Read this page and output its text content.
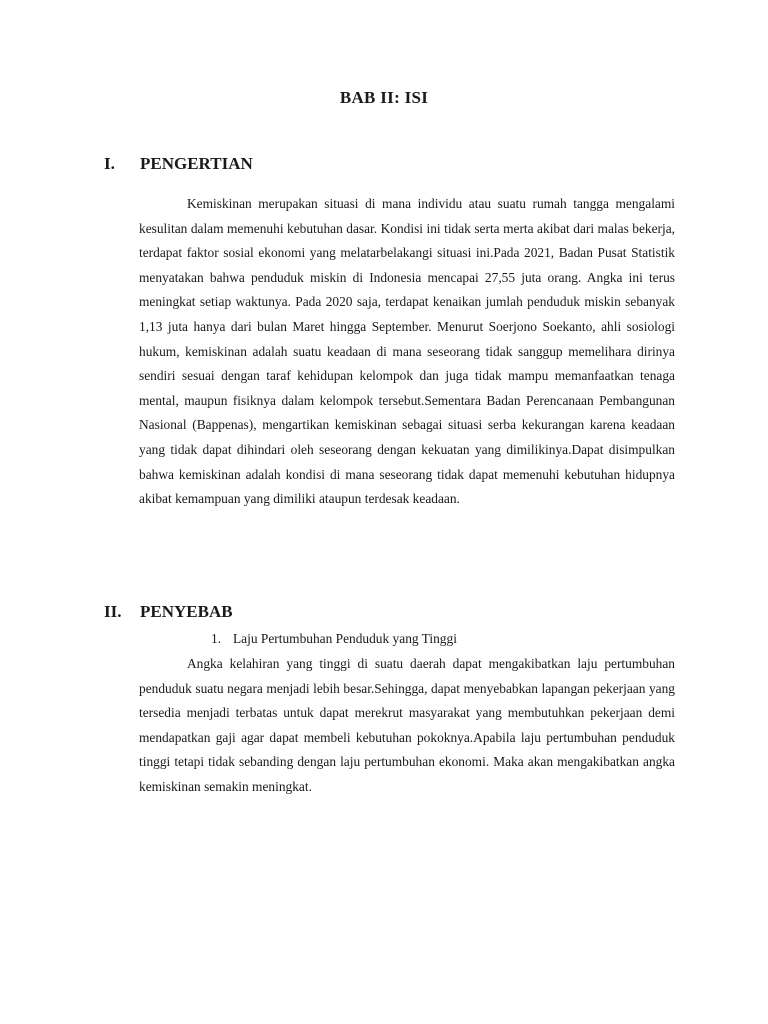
BAB II: ISI
I. PENGERTIAN

Kemiskinan merupakan situasi di mana individu atau suatu rumah tangga mengalami kesulitan dalam memenuhi kebutuhan dasar. Kondisi ini tidak serta merta akibat dari malas bekerja, terdapat faktor sosial ekonomi yang melatarbelakangi situasi ini.Pada 2021, Badan Pusat Statistik menyatakan bahwa penduduk miskin di Indonesia mencapai 27,55 juta orang. Angka ini terus meningkat setiap waktunya. Pada 2020 saja, terdapat kenaikan jumlah penduduk miskin sebanyak 1,13 juta hanya dari bulan Maret hingga September. Menurut Soerjono Soekanto, ahli sosiologi hukum, kemiskinan adalah suatu keadaan di mana seseorang tidak sanggup memelihara dirinya sendiri sesuai dengan taraf kehidupan kelompok dan juga tidak mampu memanfaatkan tenaga mental, maupun fisiknya dalam kelompok tersebut.Sementara Badan Perencanaan Pembangunan Nasional (Bappenas), mengartikan kemiskinan sebagai situasi serba kekurangan karena keadaan yang tidak dapat dihindari oleh seseorang dengan kekuatan yang dimilikinya.Dapat disimpulkan bahwa kemiskinan adalah kondisi di mana seseorang tidak dapat memenuhi kebutuhan hidupnya akibat kemampuan yang dimiliki ataupun terdesak keadaan.

II. PENYEBAB

1. Laju Pertumbuhan Penduduk yang Tinggi

Angka kelahiran yang tinggi di suatu daerah dapat mengakibatkan laju pertumbuhan penduduk suatu negara menjadi lebih besar.Sehingga, dapat menyebabkan lapangan pekerjaan yang tersedia menjadi terbatas untuk dapat merekrut masyarakat yang membutuhkan pekerjaan demi mendapatkan gaji agar dapat membeli kebutuhan pokoknya.Apabila laju pertumbuhan penduduk tinggi tetapi tidak sebanding dengan laju pertumbuhan ekonomi. Maka akan mengakibatkan angka kemiskinan semakin meningkat.
